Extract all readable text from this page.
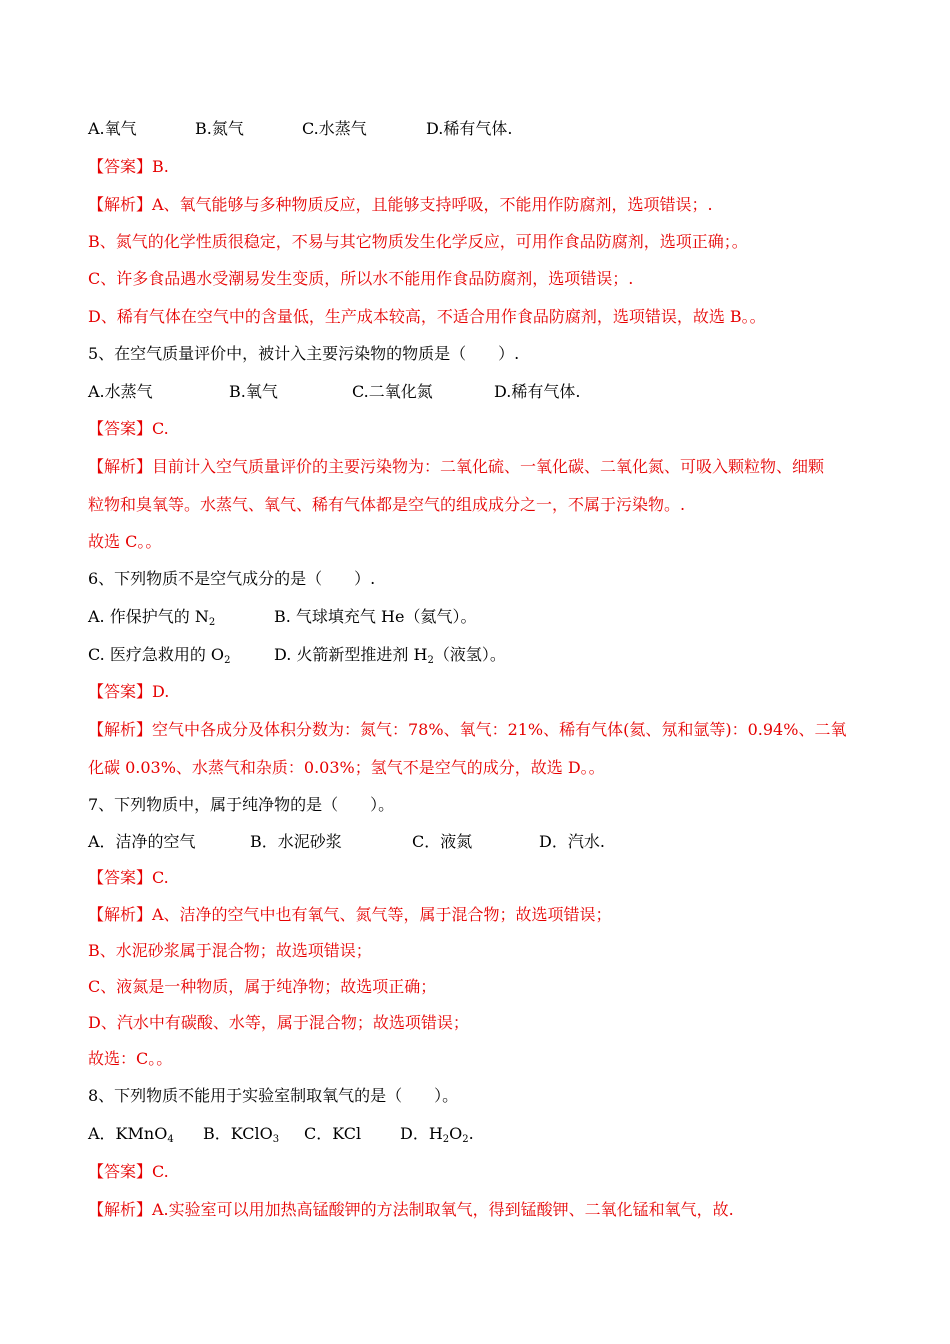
A.氧气	B.氮气	C.水蒸气	D.稀有气体.
【答案】B.
【解析】A、氧气能够与多种物质反应，且能够支持呼吸，不能用作防腐剂，选项错误；.
B、氮气的化学性质很稳定，不易与其它物质发生化学反应，可用作食品防腐剂，选项正确；。
C、许多食品遇水受潮易发生变质，所以水不能用作食品防腐剂，选项错误；.
D、稀有气体在空气中的含量低，生产成本较高，不适合用作食品防腐剂，选项错误，故选 B。。
5、在空气质量评价中，被计入主要污染物的物质是（　　）.
A.水蒸气	B.氧气	C.二氧化氮	D.稀有气体.
【答案】C.
【解析】目前计入空气质量评价的主要污染物为：二氧化硫、一氧化碳、二氧化氮、可吸入颗粒物、细颗
粒物和臭氧等。水蒸气、氧气、稀有气体都是空气的组成成分之一，不属于污染物。.
故选 C。。
6、下列物质不是空气成分的是（　　）.
A. 作保护气的 $N_2$	B. 气球填充气 He（氦气）。
C. 医疗急救用的 $O_2$	D. 火箭新型推进剂 $H_2$（液氢）。
【答案】D.
【解析】空气中各成分及体积分数为：氮气：78%、氧气：21%、稀有气体(氦、氖和氩等)：0.94%、二氧
化碳 0.03%、水蒸气和杂质：0.03%；氢气不是空气的成分，故选 D。。
7、下列物质中，属于纯净物的是（　　）。
A．洁净的空气	B．水泥砂浆	C．液氮	D．汽水.
【答案】C.
【解析】A、洁净的空气中也有氧气、氮气等，属于混合物；故选项错误；
B、水泥砂浆属于混合物；故选项错误；
C、液氮是一种物质，属于纯净物；故选项正确；
D、汽水中有碳酸、水等，属于混合物；故选项错误；
故选：C。。
8、下列物质不能用于实验室制取氧气的是（　　）。
A．KMnO$_4$ B．KClO$_3$ C．KCl D．$H_2O_2$.
【答案】C.
【解析】A.实验室可以用加热高锰酸钾的方法制取氧气，得到锰酸钾、二氧化锰和氧气，故.
